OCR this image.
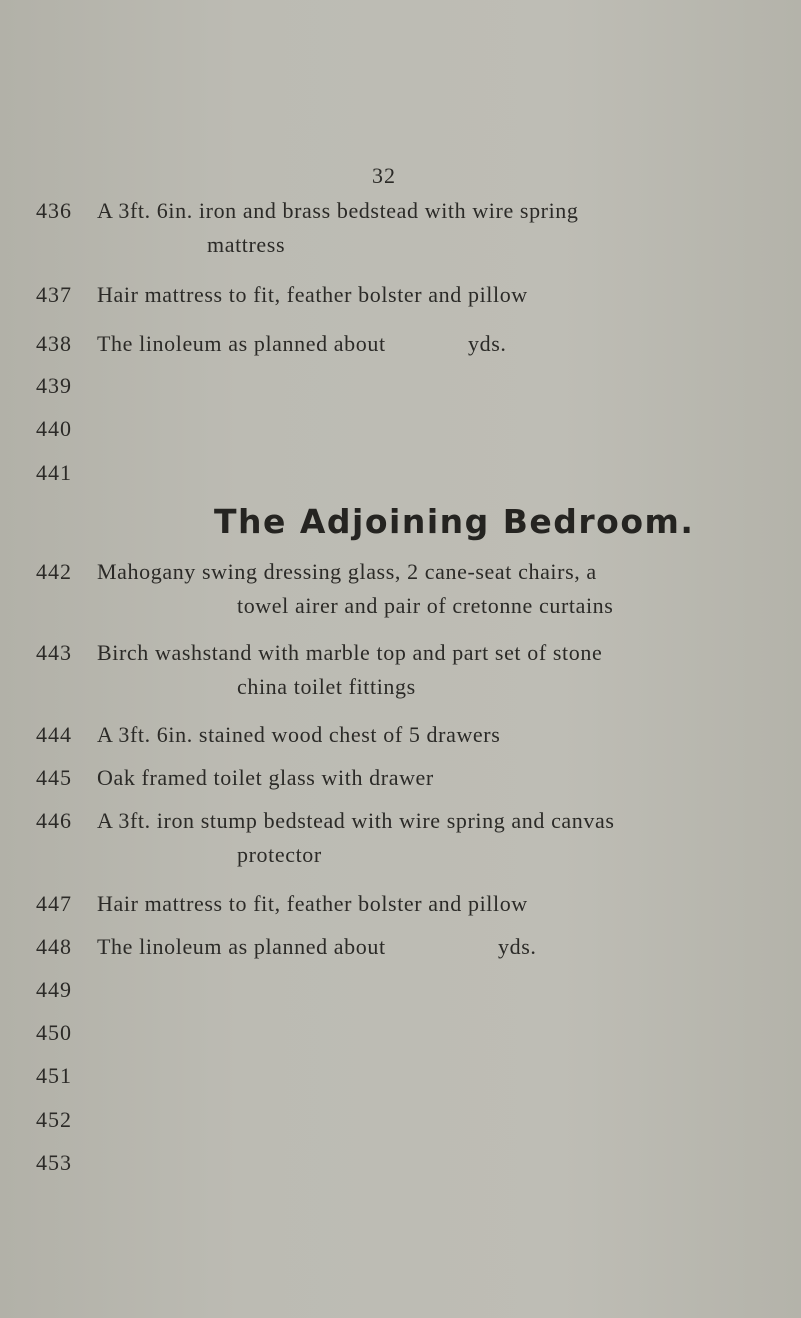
32
436 A 3ft. 6in. iron and brass bedstead with wire spring
mattress
437 Hair mattress to fit, feather bolster and pillow
438 The linoleum as planned about	yds.
439
440
441
The Adjoining Bedroom.
442 Mahogany swing dressing glass, 2 cane-seat chairs, a
towel airer and pair of cretonne curtains
443 Birch washstand with marble top and part set of stone
china toilet fittings
444 A 3ft. 6in. stained wood chest of 5 drawers
445 Oak framed toilet glass with drawer
446 A 3ft. iron stump bedstead with wire spring and canvas
protector
447 Hair mattress to fit, feather bolster and pillow
448 The linoleum as planned about	yds.
449
450
451
452
453
